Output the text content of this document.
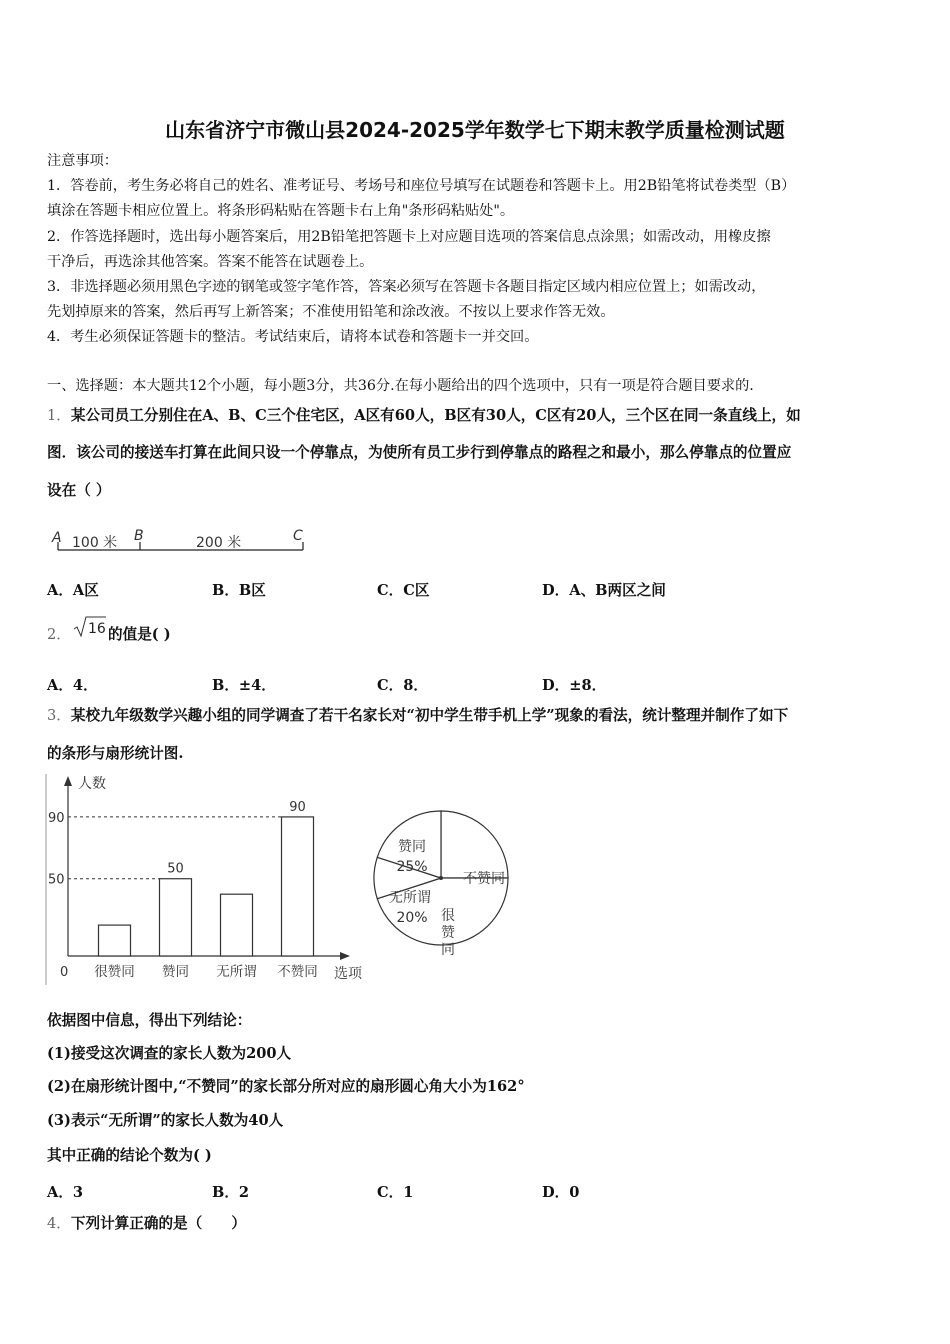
山东省济宁市微山县2024-2025学年数学七下期末教学质量检测试题
注意事项：
1．答卷前，考生务必将自己的姓名、准考证号、考场号和座位号填写在试题卷和答题卡上。用2B铅笔将试卷类型（B）
填涂在答题卡相应位置上。将条形码粘贴在答题卡右上角"条形码粘贴处"。
2．作答选择题时，选出每小题答案后，用2B铅笔把答题卡上对应题目选项的答案信息点涂黑；如需改动，用橡皮擦
干净后，再选涂其他答案。答案不能答在试题卷上。
3．非选择题必须用黑色字迹的钢笔或签字笔作答，答案必须写在答题卡各题目指定区域内相应位置上；如需改动，
先划掉原来的答案，然后再写上新答案；不准使用铅笔和涂改液。不按以上要求作答无效。
4．考生必须保证答题卡的整洁。考试结束后，请将本试卷和答题卡一并交回。
一、选择题：本大题共12个小题，每小题3分，共36分.在每小题给出的四个选项中，只有一项是符合题目要求的.
1．某公司员工分别住在A、B、C三个住宅区，A区有60人，B区有30人，C区有20人，三个区在同一条直线上，如
图．该公司的接送车打算在此间只设一个停靠点，为使所有员工步行到停靠点的路程之和最小，那么停靠点的位置应
设在（ ）
A	B	C
100 米	200 米
A．A区	B．B区	C．C区	D．A、B两区之间
2． 16 的值是( )
A．4．	B．±4．	C．8．	D．±8．
3．某校九年级数学兴趣小组的同学调查了若干名家长对“初中学生带手机上学”现象的看法，统计整理并制作了如下
的条形与扇形统计图.
人数
选项
0
90
50
很赞同 赞同
50
无所谓 不赞同
90
赞同
25%
不赞同
很
赞
同
无所谓
20%
依据图中信息，得出下列结论：
(1)接受这次调查的家长人数为200人
(2)在扇形统计图中,“不赞同”的家长部分所对应的扇形圆心角大小为162°
(3)表示“无所谓”的家长人数为40人
其中正确的结论个数为( )
A．3	B．2	C．1	D．0
4．下列计算正确的是（　　）
